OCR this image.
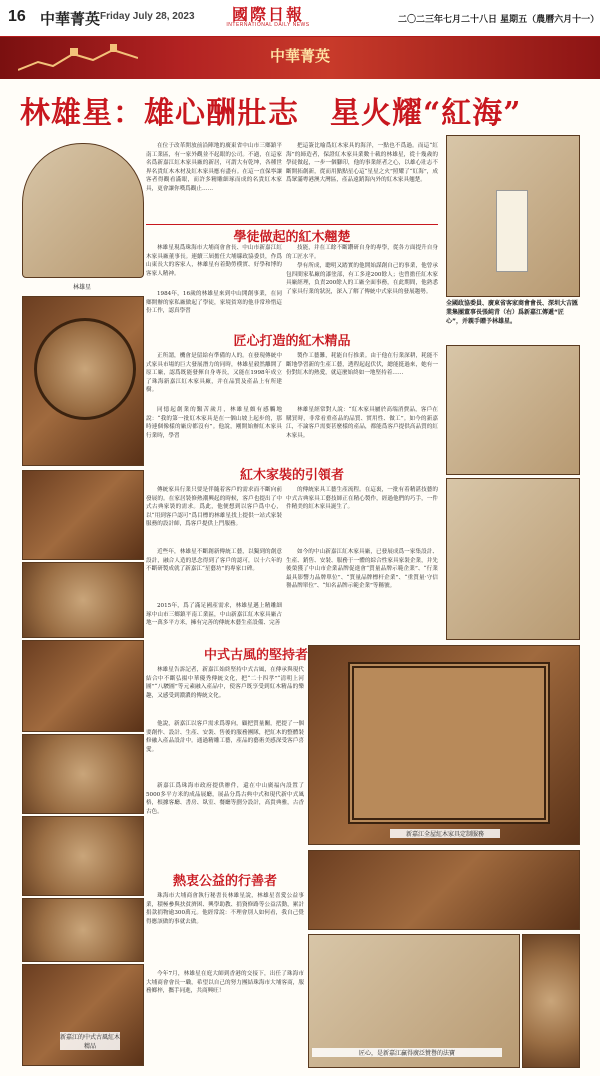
16 中華菁英 Friday July 28, 2023 國際日報
INTERNATIONAL DAILY NEWS	二〇二三年七月二十八日 星期五（農曆六月十一）
中華菁英
林雄星：雄心酬壯志　星火耀“紅海”
林雄星
新嘉江的中式古風紅木精品

在位于改革開放前沿陣地的廣東省中山市三鄉鎮平南工業區，有一家外觀並不起眼的公司。不過，在這家名爲新嘉江紅木家具廠的新居，可謂大有乾坤，各種世界名貴紅木木材及紅木家具應有盡有。在這一直保寧讓客者得觀看滿眼，而許多精雕細琢而成的名貴紅木家具，更會讓你嘆爲觀止……

把這簽比喻爲紅木家具的海洋，一點也不爲過。而這“紅海”的締造者，保證紅木家具業數十載的林雄星，從十幾歲的學徒做起，一步一個腳印，他的事業經者之心，以雄心壯志不斷開拓創新，從而用點點星心這“星星之火”照耀了“紅海”，成爲眾滿粵港澳大灣區，產品遠銷海內外的紅木家具翹楚。

全國政協委員、廣東省客家商會會長、深圳大吉匯業集團董事長張純青（右）爲新嘉江傳遞“匠心”，并親手贈予林雄星。
學徒做起的紅木翹楚

林雄星現爲珠海市大埔商會會長、中山市新嘉江紅木家具廠董事長。連續三屆擔任大埔縣政協委員，作爲山東長大的客家人，林雄星有着勤勞樸實、好學和博的客家人精神。

1984年，16歲的林雄星來到中山開創事業，在同鄉開辦的家私廠做起了學徒，家境貧寒的他非常珍惜這份工作，認真學習

技能，并在工餘不斷鑽研自身的專學，從各方面提升自身的工匠水平。

學有所成，聰明又踏實的他開始謀創自己的事業，他曾承包四間家私廠的漆塗部，有工多達200餘人；也曾擔任紅木家具廠經理，負責200餘人的工廠全面事務，在此期間，他熟悉了家具行業的狀況，深入了解了傳統中式家具的發展趨勢。

匠心打造的紅木精品

正所謂，機會是留給有準備的人的。在發現傳統中式家具市場的巨大發展潛力的同時，林雄星毅然離開了原工廠，認爲既能發揮自身專長，又能在1998年成立了珠海新嘉江紅木家具廠，并在品質及產品上有所建樹。

同憶起創業的艱苦歲月，林雄星頗有感觸地說：“我的第一批紅木家具是在一個山坡上起步的，那時連個像樣的廠房都沒有”。他說，剛開始辦紅木家具行業時，學習

製作工藝難，耗能自行推業。由于他在行業深耕，耗能不斷地學習新的生產工藝，透程起起伏伏，總能挺過來，她有一份對紅木的熱愛，就這麼始終如一地堅持着……

林雄星經常對人說：“紅木家具屬於高端消費品，客戶在購買時，非常看重產品的品質、實用性、做工”。如今的新嘉江，不論客戶需要甚麼樣的產品，都能爲客戶提供高品質的紅木家具。

紅木家裝的引領者

傳統家具行業只要是伴隨着客戶的需求而不斷向前發展的。在家居裝修熱潮興起的時候，客戶也提出了中式古典家裝的需求。爲此，他便想到以客戶爲中心，以“用到客戶認可”爲目標的林雄星找上提供一站式家裝服務的設計師，爲客戶提供上門服務。

近些年，林雄星不斷創新傳統工藝，以獨到的創意設計，融合人造的思念得到了客戶的認可，以十六年的不斷研製成就了新嘉江“星藝坊”的專家口碑。

2015年，爲了滿足國產需求，林雄星邁上精雕細琢中山市三鄉鎮平南工業區，中山新嘉江紅木家具廠占地一萬多平方米，擁有完善的傳統木藝生產設備、完善

的傳統家具工藝生產流程。在這裏，一批有着精湛技藝的中式古典家具工藝技師正在精心製作，經過他們的巧手，一件件精美的紅木家具誕生了。

如今的中山新嘉江紅木家具廠，已發展成爲一家集設計、生產、銷售、安裝、服務于一體的綜合性家具家裝企業，并先後榮獲了中山市企業品牌促進會“質量品牌示範企業”、“行業最具影響力品牌單位”、“質量品牌標杆企業”、“重質量·守信譽品牌單位”、“知名品牌示範企業”等稱號。

中式古風的堅持者

林雄星告訴記者，新嘉江始終堅持中式古風，在傳承與現代結合中不斷弘揚中華優秀傳統文化，把“二十四孝”“清明上河圖”“八駿圖”等元素融入產品中，使客戶既享受到紅木精品的樂趣，又感受到濃濃的傳統文化。

他說，新嘉江以客戶需求爲導向，顧把質量關，把提了一個要創作、設計、生產、安裝、售後的服務團隊，把紅木的整體裝修融入產品設計中。通過精雕工藝，產品的藝術美感深受客戶喜愛。

新嘉江爲珠海市政府提供辦件，還在中山廣福內設置了5000多平方米的成品展廳，展品分爲古典中式和現代新中式風格，根據客廳、書房、臥室、餐廳等劃分設計，高貴典雅，古香古色。

新嘉江全屋紅木家具定制服務
匠心，是新嘉江贏得廣泛贊譽的法寶
熱衷公益的行善者

珠海市大埔商會執行秘書長林雄星說，林雄星喜愛公益事業，積極參與扶貧濟困、興學助教、捐資修路等公益活動，累計捐款捐物逾300萬元。他經常說：不理會別人如何看，我自己覺得應該做的事就去做。

今年7月，林雄星在庭大師到香港的交接下，出任了珠海市大埔商會會長一職，希望以自己的努力團結珠海市大埔客商，服務鄉梓，攜手同進，共商興旺！
